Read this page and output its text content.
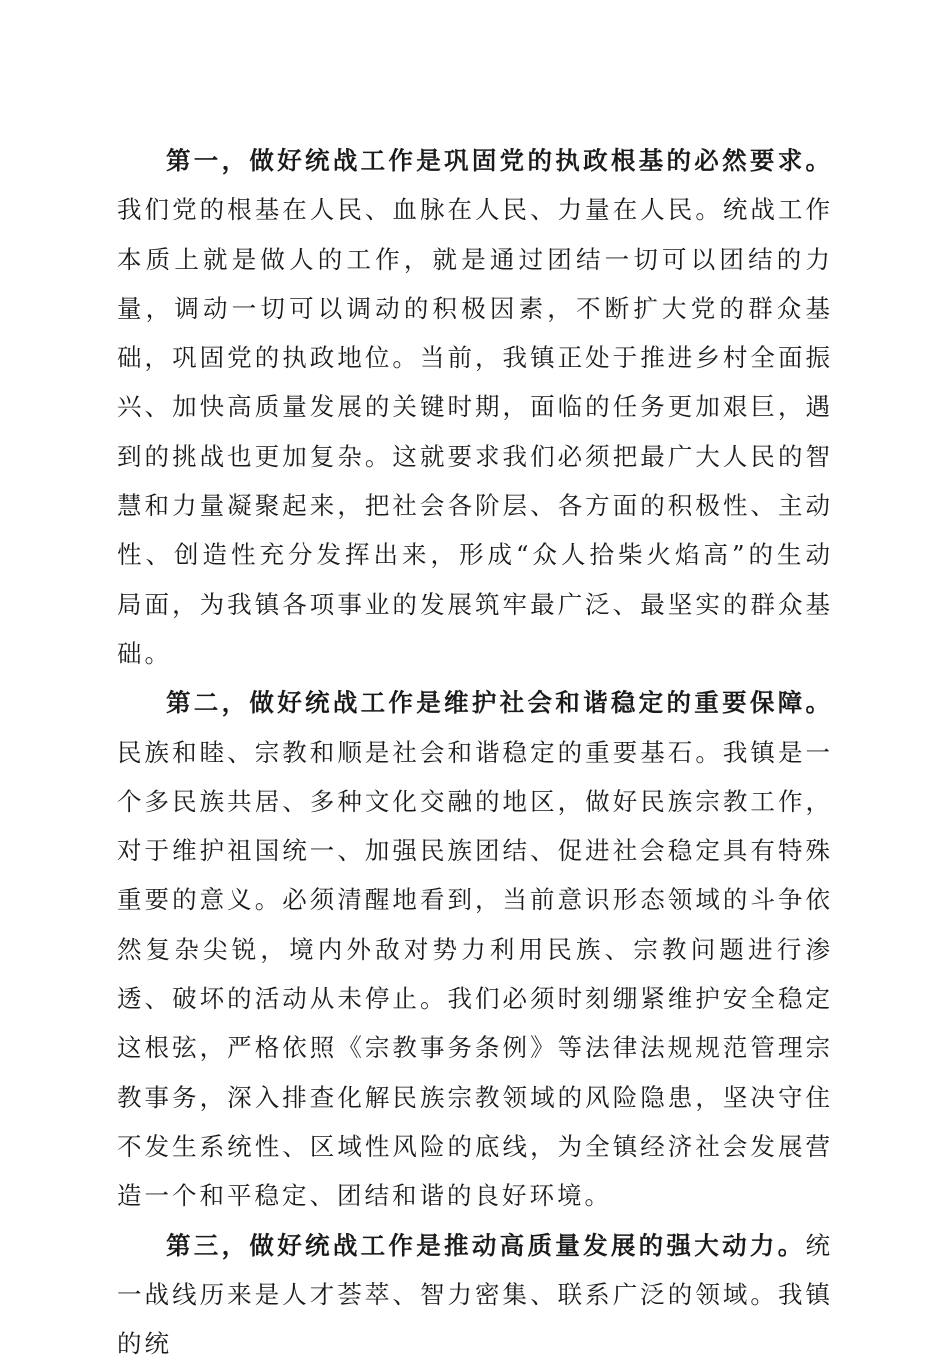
第一，做好统战工作是巩固党的执政根基的必然要求。我们党的根基在人民、血脉在人民、力量在人民。统战工作本质上就是做人的工作，就是通过团结一切可以团结的力量，调动一切可以调动的积极因素，不断扩大党的群众基础，巩固党的执政地位。当前，我镇正处于推进乡村全面振兴、加快高质量发展的关键时期，面临的任务更加艰巨，遇到的挑战也更加复杂。这就要求我们必须把最广大人民的智慧和力量凝聚起来，把社会各阶层、各方面的积极性、主动性、创造性充分发挥出来，形成“众人拾柴火焰高”的生动局面，为我镇各项事业的发展筑牢最广泛、最坚实的群众基础。

第二，做好统战工作是维护社会和谐稳定的重要保障。民族和睦、宗教和顺是社会和谐稳定的重要基石。我镇是一个多民族共居、多种文化交融的地区，做好民族宗教工作，对于维护祖国统一、加强民族团结、促进社会稳定具有特殊重要的意义。必须清醒地看到，当前意识形态领域的斗争依然复杂尖锐，境内外敌对势力利用民族、宗教问题进行渗透、破坏的活动从未停止。我们必须时刻绷紧维护安全稳定这根弦，严格依照《宗教事务条例》等法律法规规范管理宗教事务，深入排查化解民族宗教领域的风险隐患，坚决守住不发生系统性、区域性风险的底线，为全镇经济社会发展营造一个和平稳定、团结和谐的良好环境。

第三，做好统战工作是推动高质量发展的强大动力。统一战线历来是人才荟萃、智力密集、联系广泛的领域。我镇的统
